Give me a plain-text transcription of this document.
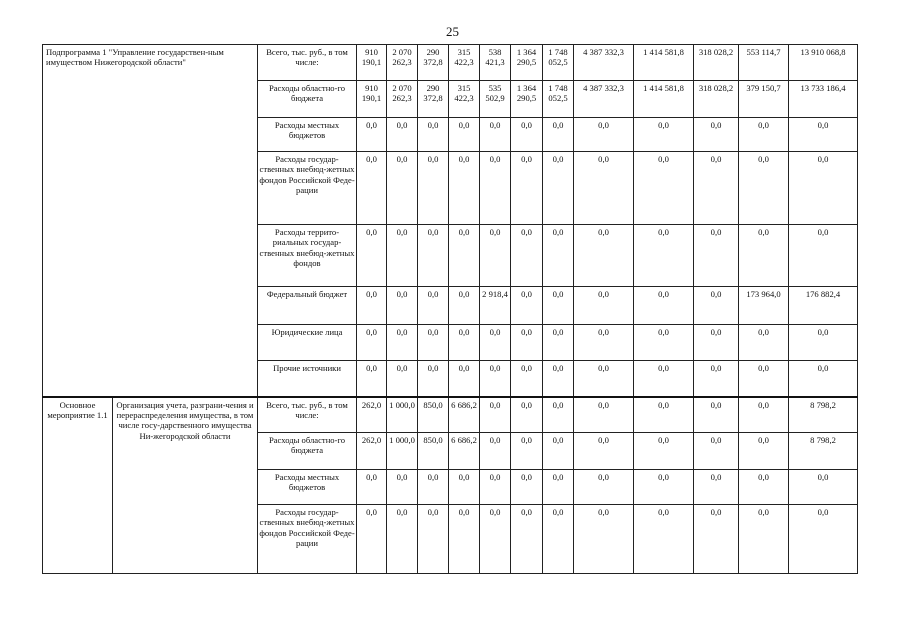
25
Подпрограмма 1 "Управление государствен-ным имуществом Нижегородской области"		Всего, тыс. руб., в том числе:	910 190,1	2 070 262,3	290 372,8	315 422,3	538 421,3	1 364 290,5	1 748 052,5	4 387 332,3	1 414 581,8	318 028,2	553 114,7	13 910 068,8
		Расходы областно-го бюджета	910 190,1	2 070 262,3	290 372,8	315 422,3	535 502,9	1 364 290,5	1 748 052,5	4 387 332,3	1 414 581,8	318 028,2	379 150,7	13 733 186,4
		Расходы местных бюджетов	0,0	0,0	0,0	0,0	0,0	0,0	0,0	0,0	0,0	0,0	0,0	0,0
		Расходы государ-ственных внебюд-жетных фондов Российской Феде-рации	0,0	0,0	0,0	0,0	0,0	0,0	0,0	0,0	0,0	0,0	0,0	0,0
		Расходы террито-риальных государ-ственных внебюд-жетных фондов	0,0	0,0	0,0	0,0	0,0	0,0	0,0	0,0	0,0	0,0	0,0	0,0
		Федеральный бюджет	0,0	0,0	0,0	0,0	2 918,4	0,0	0,0	0,0	0,0	0,0	173 964,0	176 882,4
		Юридические лица	0,0	0,0	0,0	0,0	0,0	0,0	0,0	0,0	0,0	0,0	0,0	0,0
		Прочие источники	0,0	0,0	0,0	0,0	0,0	0,0	0,0	0,0	0,0	0,0	0,0	0,0
Основное мероприятие 1.1	Организация учета, разграни-чения и перераспределения имущества, в том числе госу-дарственного имущества Ни-жегородской области	Всего, тыс. руб., в том числе:	262,0	1 000,0	850,0	6 686,2	0,0	0,0	0,0	0,0	0,0	0,0	0,0	8 798,2
		Расходы областно-го бюджета	262,0	1 000,0	850,0	6 686,2	0,0	0,0	0,0	0,0	0,0	0,0	0,0	8 798,2
		Расходы местных бюджетов	0,0	0,0	0,0	0,0	0,0	0,0	0,0	0,0	0,0	0,0	0,0	0,0
		Расходы государ-ственных внебюд-жетных фондов Российской Феде-рации	0,0	0,0	0,0	0,0	0,0	0,0	0,0	0,0	0,0	0,0	0,0	0,0
